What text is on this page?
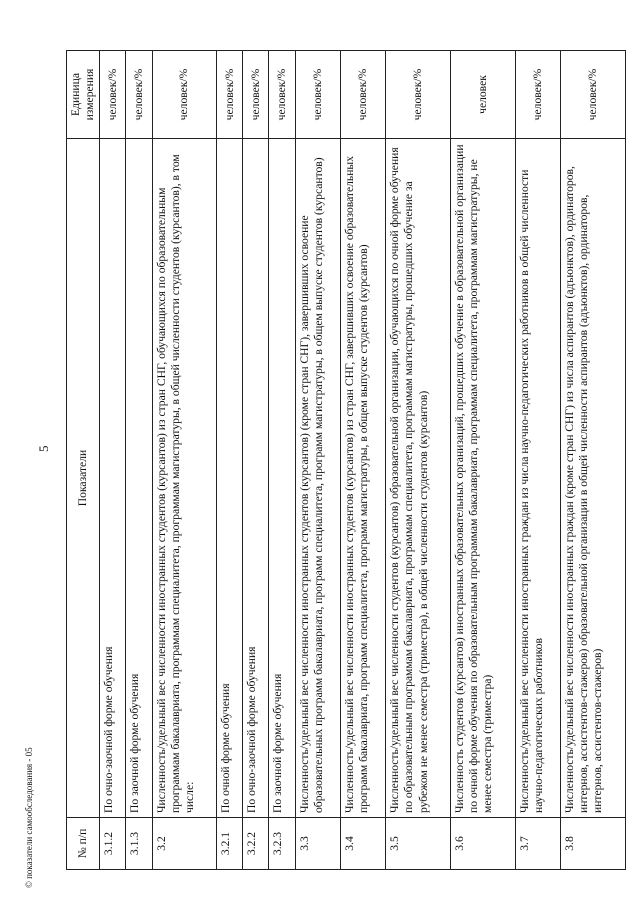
5
№ п/п	Показатели	Единица измерения
3.1.2	По очно-заочной форме обучения	человек/%
3.1.3	По заочной форме обучения	человек/%
3.2	Численность/удельный вес численности иностранных студентов (курсантов) из стран СНГ, обучающихся по образовательным программам бакалавриата, программам специалитета, программам магистратуры, в общей численности студентов (курсантов), в том числе:	человек/%
3.2.1	По очной форме обучения	человек/%
3.2.2	По очно-заочной форме обучения	человек/%
3.2.3	По заочной форме обучения	человек/%
3.3	Численность/удельный вес численности иностранных студентов (курсантов) (кроме стран СНГ), завершивших освоение образовательных программ бакалавриата, программ специалитета, программ магистратуры, в общем выпуске студентов (курсантов)	человек/%
3.4	Численность/удельный вес численности иностранных студентов (курсантов) из стран СНГ, завершивших освоение образовательных программ бакалавриата, программ специалитета, программ магистратуры, в общем выпуске студентов (курсантов)	человек/%
3.5	Численность/удельный вес численности студентов (курсантов) образовательной организации, обучающихся по очной форме обучения по образовательным программам бакалавриата, программам специалитета, программам магистратуры, прошедших обучение за рубежом не менее семестра (триместра), в общей численности студентов (курсантов)	человек/%
3.6	Численность студентов (курсантов) иностранных образовательных организаций, прошедших обучение в образовательной организации по очной форме обучения по образовательным программам бакалавриата, программам специалитета, программам магистратуры, не менее семестра (триместра)	человек
3.7	Численность/удельный вес численности иностранных граждан из числа научно-педагогических работников в общей численности научно-педагогических работников	человек/%
3.8	Численность/удельный вес численности иностранных граждан (кроме стран СНГ) из числа аспирантов (адъюнктов), ординаторов, интернов, ассистентов-стажеров) образовательной организации в общей численности аспирантов (адъюнктов), ординаторов, интернов, ассистентов-стажеров)	человек/%
© показатели самообследования - 05
